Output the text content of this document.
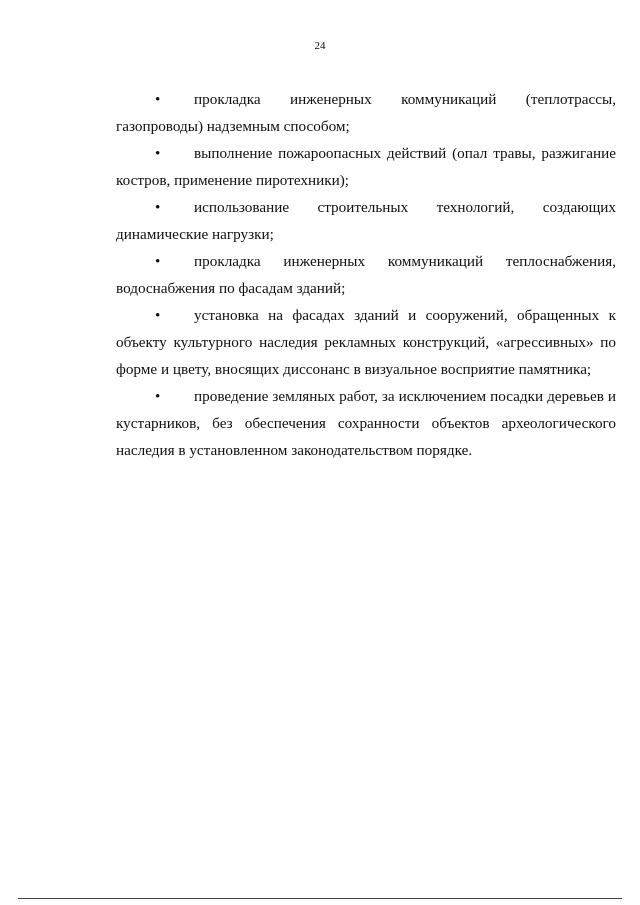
24
•	прокладка инженерных коммуникаций (теплотрассы,
газопроводы) надземным способом;
•	выполнение пожароопасных действий (опал травы, разжигание
костров, применение пиротехники);
•	использование строительных технологий, создающих
динамические нагрузки;
•	прокладка инженерных коммуникаций теплоснабжения,
водоснабжения по фасадам зданий;
•	установка на фасадах зданий и сооружений, обращенных к
объекту культурного наследия рекламных конструкций, «агрессивных» по форме и цвету, вносящих диссонанс в визуальное восприятие памятника;
•	проведение земляных работ, за исключением посадки деревьев и
кустарников, без обеспечения сохранности объектов археологического наследия в установленном законодательством порядке.
